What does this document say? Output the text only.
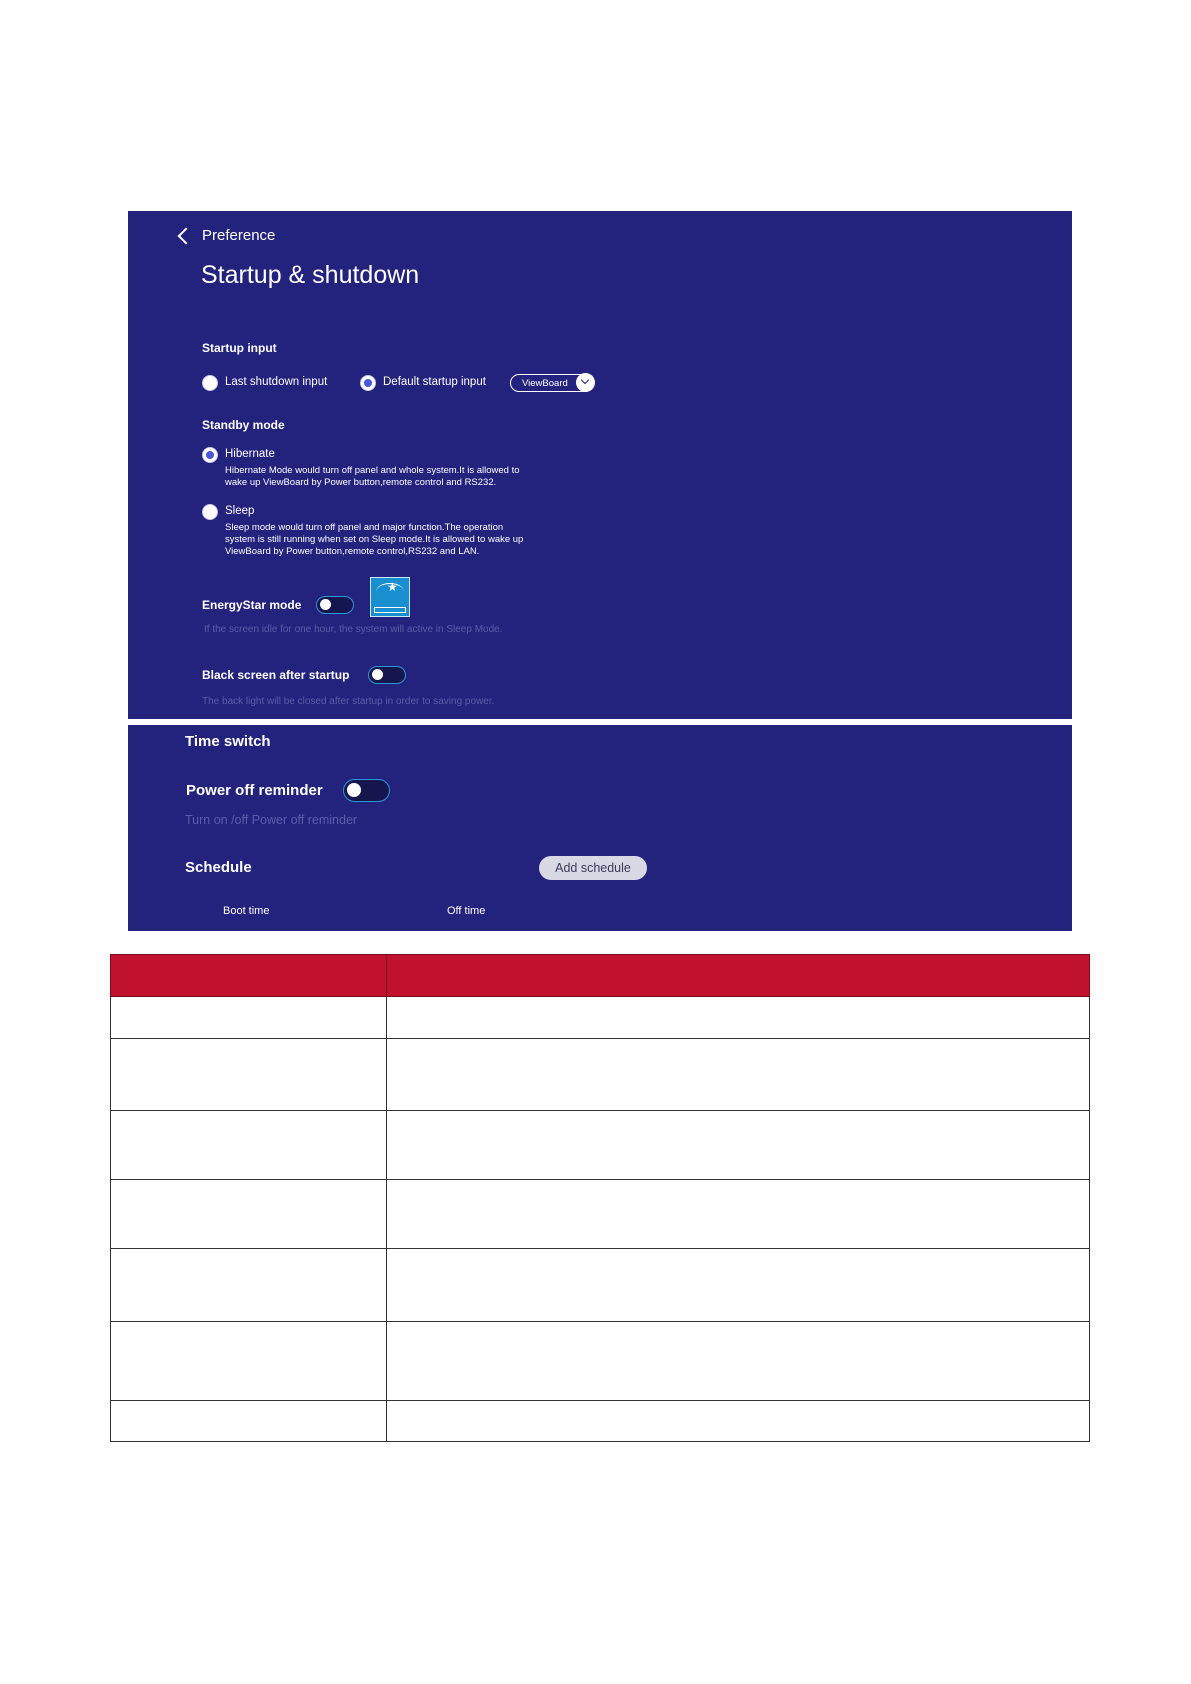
Preference
Startup & shutdown
Startup input
Last shutdown input	Default startup input	ViewBoard
Standby mode
Hibernate
Hibernate Mode would turn off panel and whole system.It is allowed to
wake up ViewBoard by Power button,remote control and RS232.
Sleep
Sleep mode would turn off panel and major function.The operation
system is still running when set on Sleep mode.It is allowed to wake up
ViewBoard by Power button,remote control,RS232 and LAN.
EnergyStar mode
★
If the screen idle for one hour, the system will active in Sleep Mode.
Black screen after startup
The back light will be closed after startup in order to saving power.
Time switch
Power off reminder
Turn on /off Power off reminder
Schedule	Add schedule
Boot time	Off time
